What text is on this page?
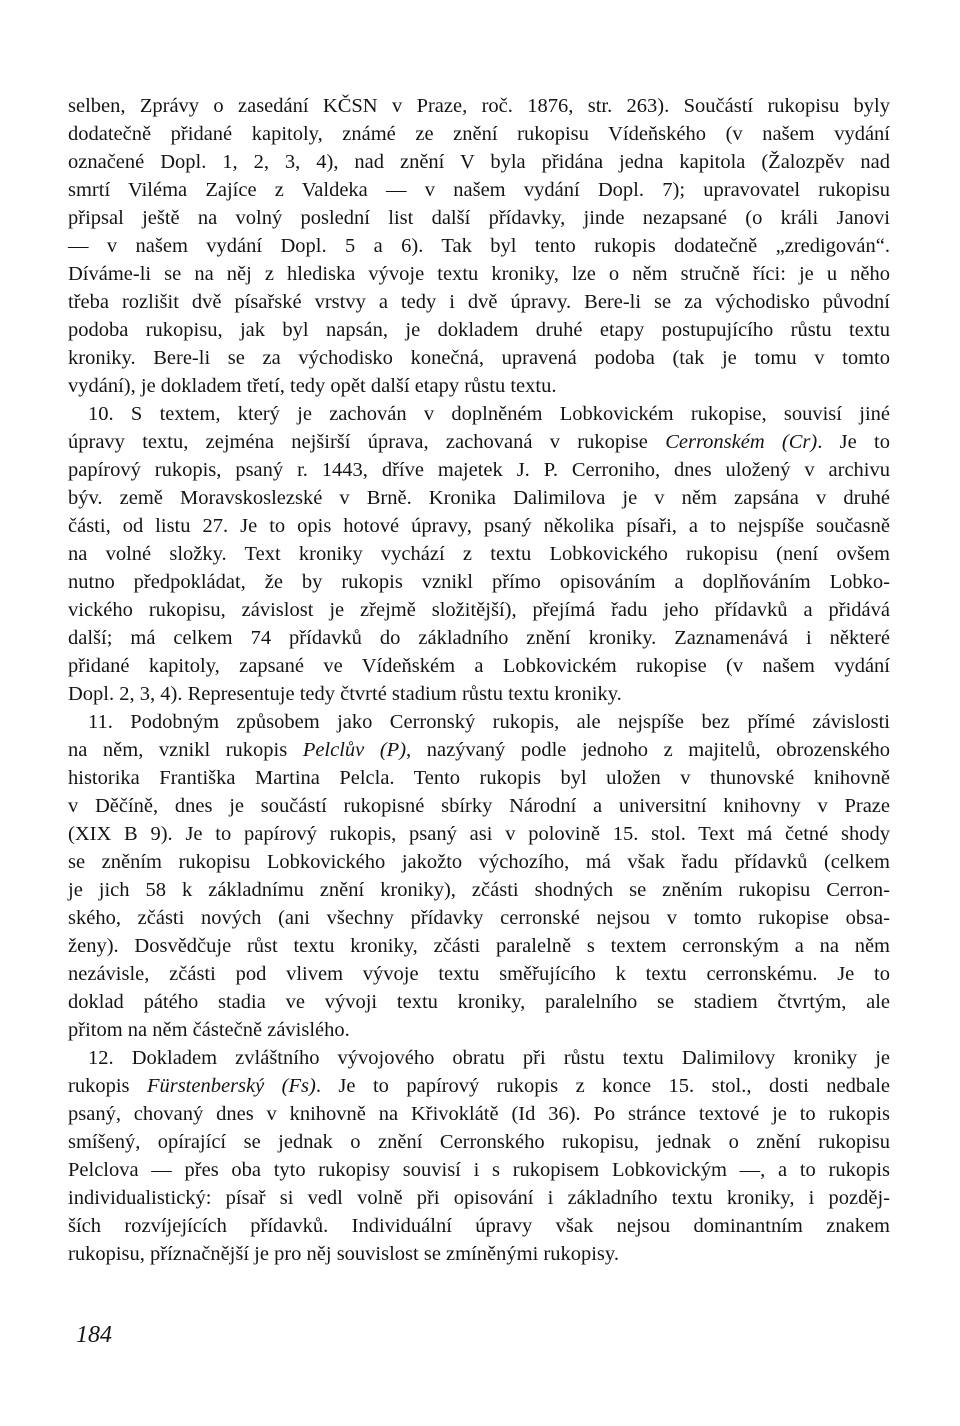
selben, Zprávy o zasedání KČSN v Praze, roč. 1876, str. 263). Součástí rukopisu byly
dodatečně přidané kapitoly, známé ze znění rukopisu Vídeňského (v našem vydání
označené Dopl. 1, 2, 3, 4), nad znění V byla přidána jedna kapitola (Žalozpěv nad
smrtí Viléma Zajíce z Valdeka — v našem vydání Dopl. 7); upravovatel rukopisu
připsal ještě na volný poslední list další přídavky, jinde nezapsané (o králi Janovi
— v našem vydání Dopl. 5 a 6). Tak byl tento rukopis dodatečně „zredigován“.
Díváme-li se na něj z hlediska vývoje textu kroniky, lze o něm stručně říci: je u něho
třeba rozlišit dvě písařské vrstvy a tedy i dvě úpravy. Bere-li se za východisko původní
podoba rukopisu, jak byl napsán, je dokladem druhé etapy postupujícího růstu textu
kroniky. Bere-li se za východisko konečná, upravená podoba (tak je tomu v tomto
vydání), je dokladem třetí, tedy opět další etapy růstu textu.
10. S textem, který je zachován v doplněném Lobkovickém rukopise, souvisí jiné
úpravy textu, zejména nejširší úprava, zachovaná v rukopise Cerronském (Cr). Je to
papírový rukopis, psaný r. 1443, dříve majetek J. P. Cerroniho, dnes uložený v archivu
býv. země Moravskoslezské v Brně. Kronika Dalimilova je v něm zapsána v druhé
části, od listu 27. Je to opis hotové úpravy, psaný několika písaři, a to nejspíše současně
na volné složky. Text kroniky vychází z textu Lobkovického rukopisu (není ovšem
nutno předpokládat, že by rukopis vznikl přímo opisováním a doplňováním Lobko-
vického rukopisu, závislost je zřejmě složitější), přejímá řadu jeho přídavků a přidává
další; má celkem 74 přídavků do základního znění kroniky. Zaznamenává i některé
přidané kapitoly, zapsané ve Vídeňském a Lobkovickém rukopise (v našem vydání
Dopl. 2, 3, 4). Representuje tedy čtvrté stadium růstu textu kroniky.
11. Podobným způsobem jako Cerronský rukopis, ale nejspíše bez přímé závislosti
na něm, vznikl rukopis Pelclův (P), nazývaný podle jednoho z majitelů, obrozenského
historika Františka Martina Pelcla. Tento rukopis byl uložen v thunovské knihovně
v Děčíně, dnes je součástí rukopisné sbírky Národní a universitní knihovny v Praze
(XIX B 9). Je to papírový rukopis, psaný asi v polovině 15. stol. Text má četné shody
se zněním rukopisu Lobkovického jakožto výchozího, má však řadu přídavků (celkem
je jich 58 k základnímu znění kroniky), zčásti shodných se zněním rukopisu Cerron-
ského, zčásti nových (ani všechny přídavky cerronské nejsou v tomto rukopise obsa-
ženy). Dosvědčuje růst textu kroniky, zčásti paralelně s textem cerronským a na něm
nezávisle, zčásti pod vlivem vývoje textu směřujícího k textu cerronskému. Je to
doklad pátého stadia ve vývoji textu kroniky, paralelního se stadiem čtvrtým, ale
přitom na něm částečně závislého.
12. Dokladem zvláštního vývojového obratu při růstu textu Dalimilovy kroniky je
rukopis Fürstenberský (Fs). Je to papírový rukopis z konce 15. stol., dosti nedbale
psaný, chovaný dnes v knihovně na Křivoklátě (Id 36). Po stránce textové je to rukopis
smíšený, opírající se jednak o znění Cerronského rukopisu, jednak o znění rukopisu
Pelclova — přes oba tyto rukopisy souvisí i s rukopisem Lobkovickým —, a to rukopis
individualistický: písař si vedl volně při opisování i základního textu kroniky, i pozděj-
ších rozvíjejících přídavků. Individuální úpravy však nejsou dominantním znakem
rukopisu, příznačnější je pro něj souvislost se zmíněnými rukopisy.
184
